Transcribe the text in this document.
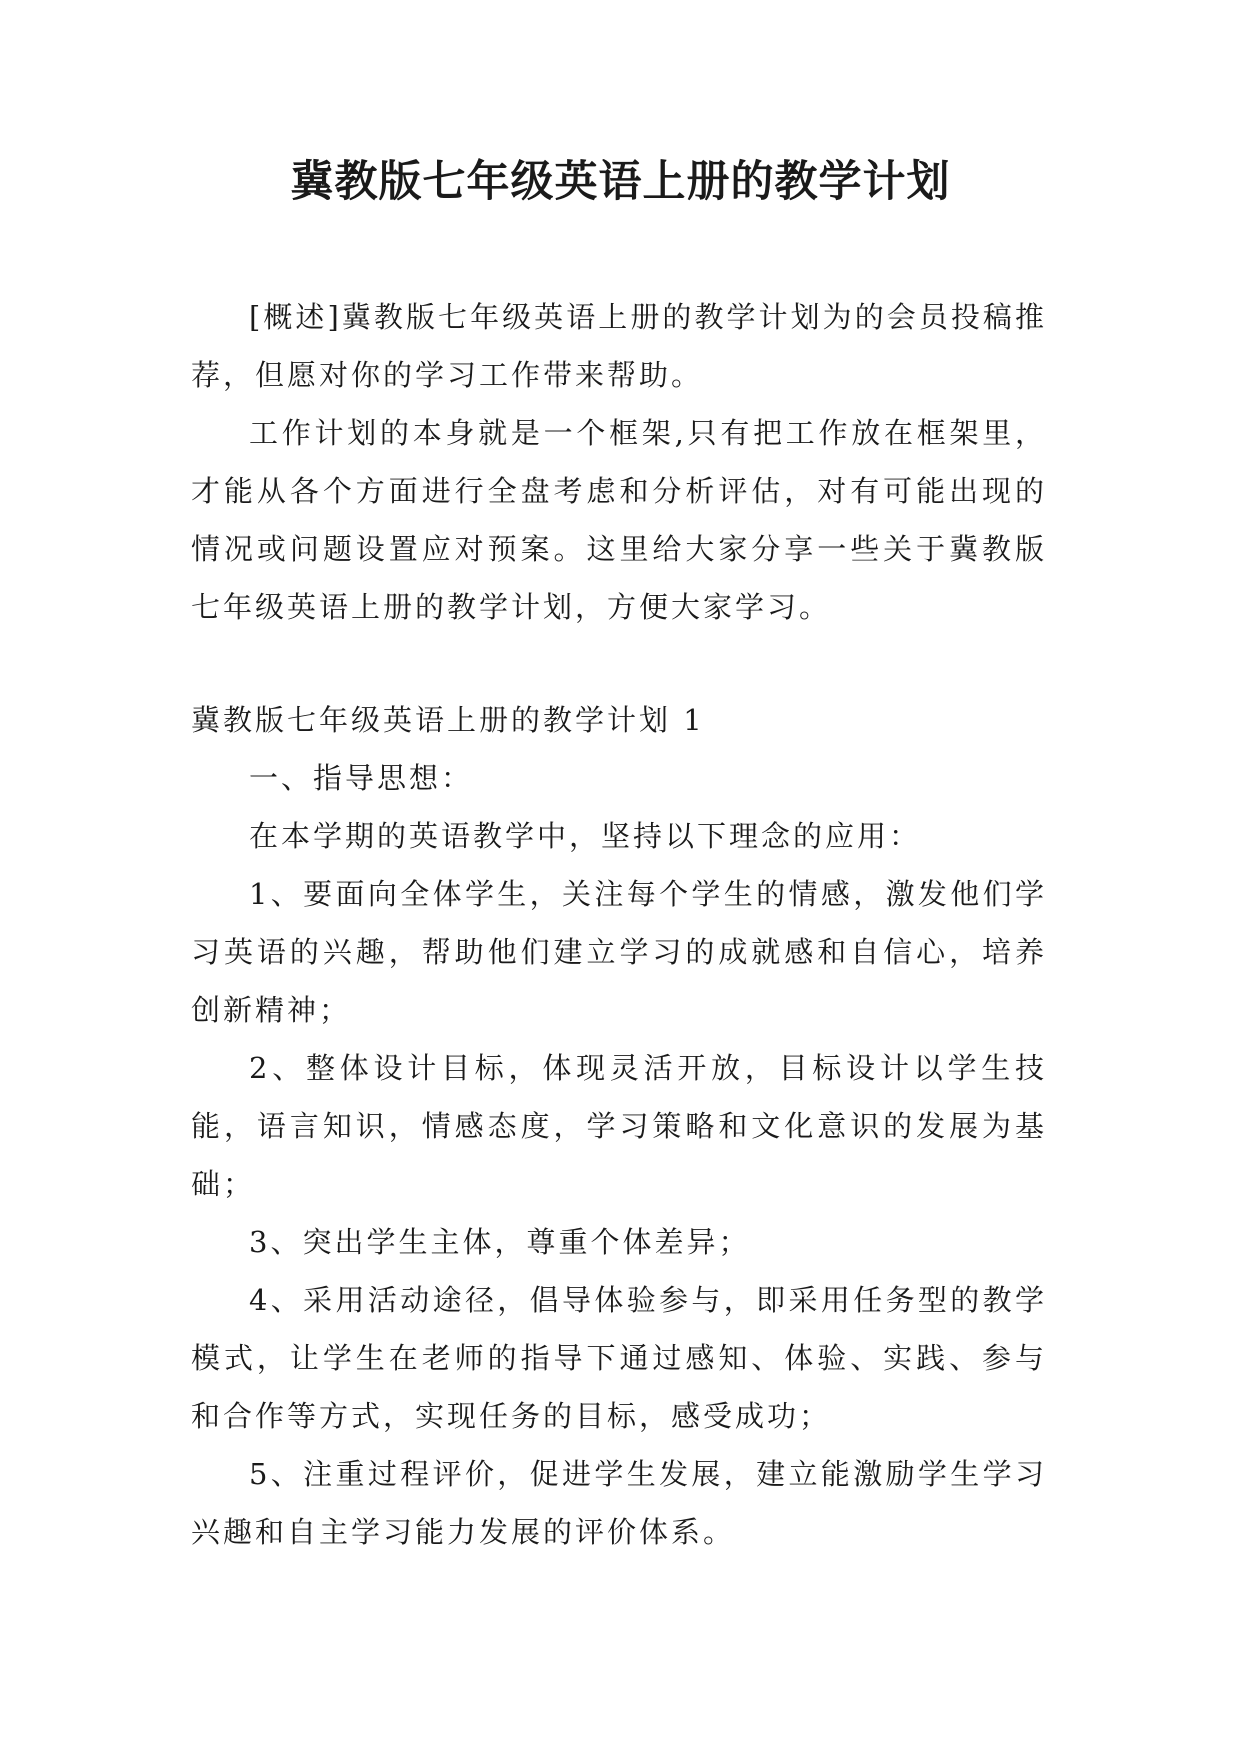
冀教版七年级英语上册的教学计划

[概述]冀教版七年级英语上册的教学计划为的会员投稿推荐，但愿对你的学习工作带来帮助。

工作计划的本身就是一个框架,只有把工作放在框架里，才能从各个方面进行全盘考虑和分析评估，对有可能出现的情况或问题设置应对预案。这里给大家分享一些关于冀教版七年级英语上册的教学计划，方便大家学习。

冀教版七年级英语上册的教学计划 1

一、指导思想：

在本学期的英语教学中，坚持以下理念的应用：

1、要面向全体学生，关注每个学生的情感，激发他们学习英语的兴趣，帮助他们建立学习的成就感和自信心，培养创新精神；

2、整体设计目标，体现灵活开放，目标设计以学生技能，语言知识，情感态度，学习策略和文化意识的发展为基础；

3、突出学生主体，尊重个体差异；

4、采用活动途径，倡导体验参与，即采用任务型的教学模式，让学生在老师的指导下通过感知、体验、实践、参与和合作等方式，实现任务的目标，感受成功；

5、注重过程评价，促进学生发展，建立能激励学生学习兴趣和自主学习能力发展的评价体系。
